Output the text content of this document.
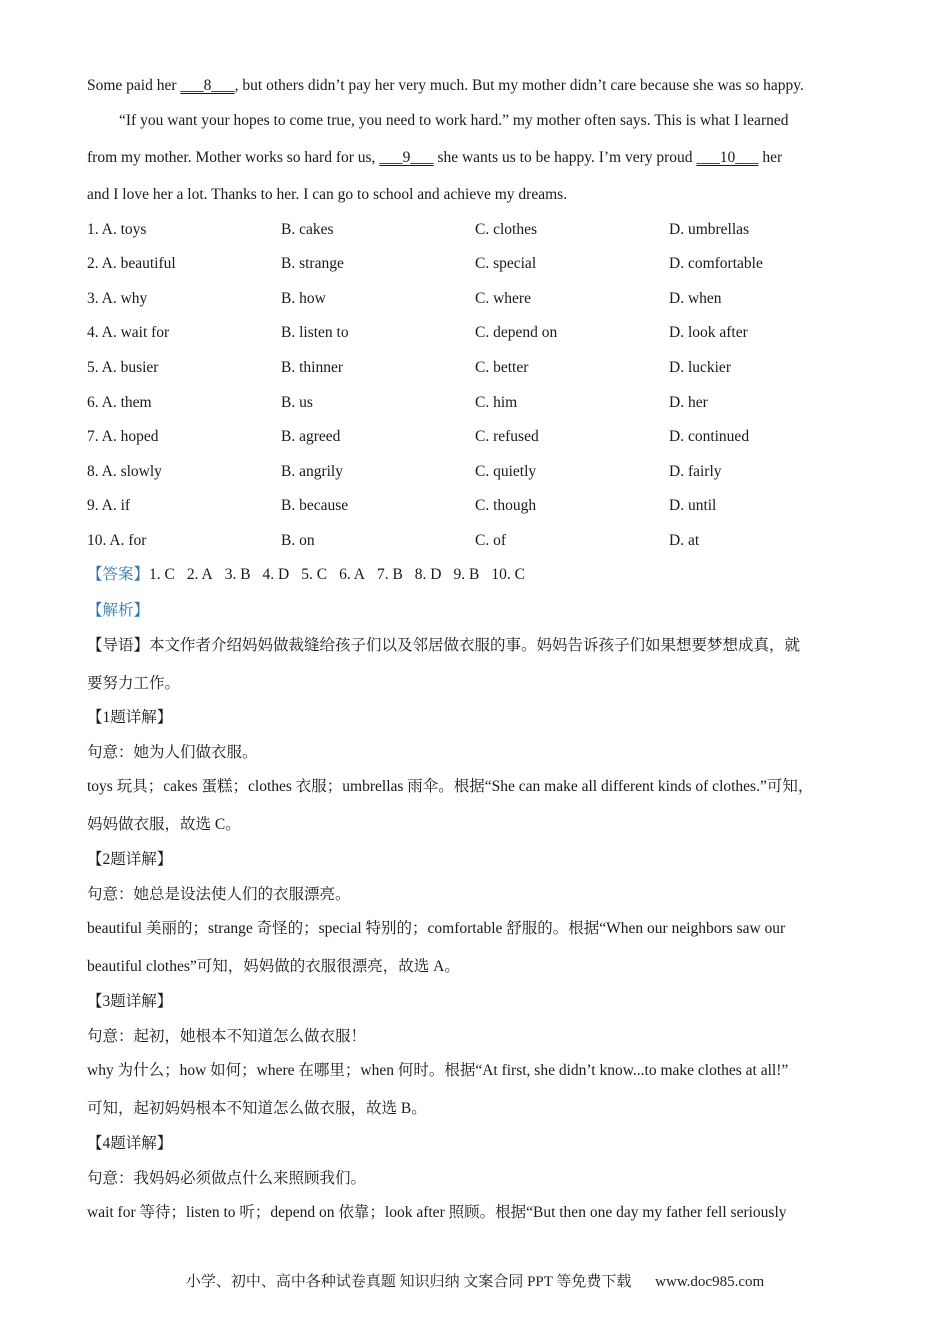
Some paid her ___8___, but others didn’t pay her very much. But my mother didn’t care because she was so happy.
“If you want your hopes to come true, you need to work hard.” my mother often says. This is what I learned
from my mother. Mother works so hard for us, ___9___ she wants us to be happy. I’m very proud ___10___ her
and I love her a lot. Thanks to her. I can go to school and achieve my dreams.
1. A. toys	B. cakes	C. clothes	D. umbrellas
2. A. beautiful	B. strange	C. special	D. comfortable
3. A. why	B. how	C. where	D. when
4. A. wait for	B. listen to	C. depend on	D. look after
5. A. busier	B. thinner	C. better	D. luckier
6. A. them	B. us	C. him	D. her
7. A. hoped	B. agreed	C. refused	D. continued
8. A. slowly	B. angrily	C. quietly	D. fairly
9. A. if	B. because	C. though	D. until
10. A. for	B. on	C. of	D. at
【答案】1. C 2. A 3. B 4. D 5. C 6. A 7. B 8. D 9. B 10. C
【解析】
【导语】本文作者介绍妈妈做裁缝给孩子们以及邻居做衣服的事。妈妈告诉孩子们如果想要梦想成真，就
要努力工作。
【1题详解】
句意：她为人们做衣服。
toys 玩具；cakes 蛋糕；clothes 衣服；umbrellas 雨伞。根据“She can make all different kinds of clothes.”可知，
妈妈做衣服，故选 C。
【2题详解】
句意：她总是设法使人们的衣服漂亮。
beautiful 美丽的；strange 奇怪的；special 特别的；comfortable 舒服的。根据“When our neighbors saw our
beautiful clothes”可知，妈妈做的衣服很漂亮，故选 A。
【3题详解】
句意：起初，她根本不知道怎么做衣服！
why 为什么；how 如何；where 在哪里；when 何时。根据“At first, she didn’t know...to make clothes at all!”
可知，起初妈妈根本不知道怎么做衣服，故选 B。
【4题详解】
句意：我妈妈必须做点什么来照顾我们。
wait for 等待；listen to 听；depend on 依靠；look after 照顾。根据“But then one day my father fell seriously
小学、初中、高中各种试卷真题 知识归纳 文案合同 PPT 等免费下载 www.doc985.com
